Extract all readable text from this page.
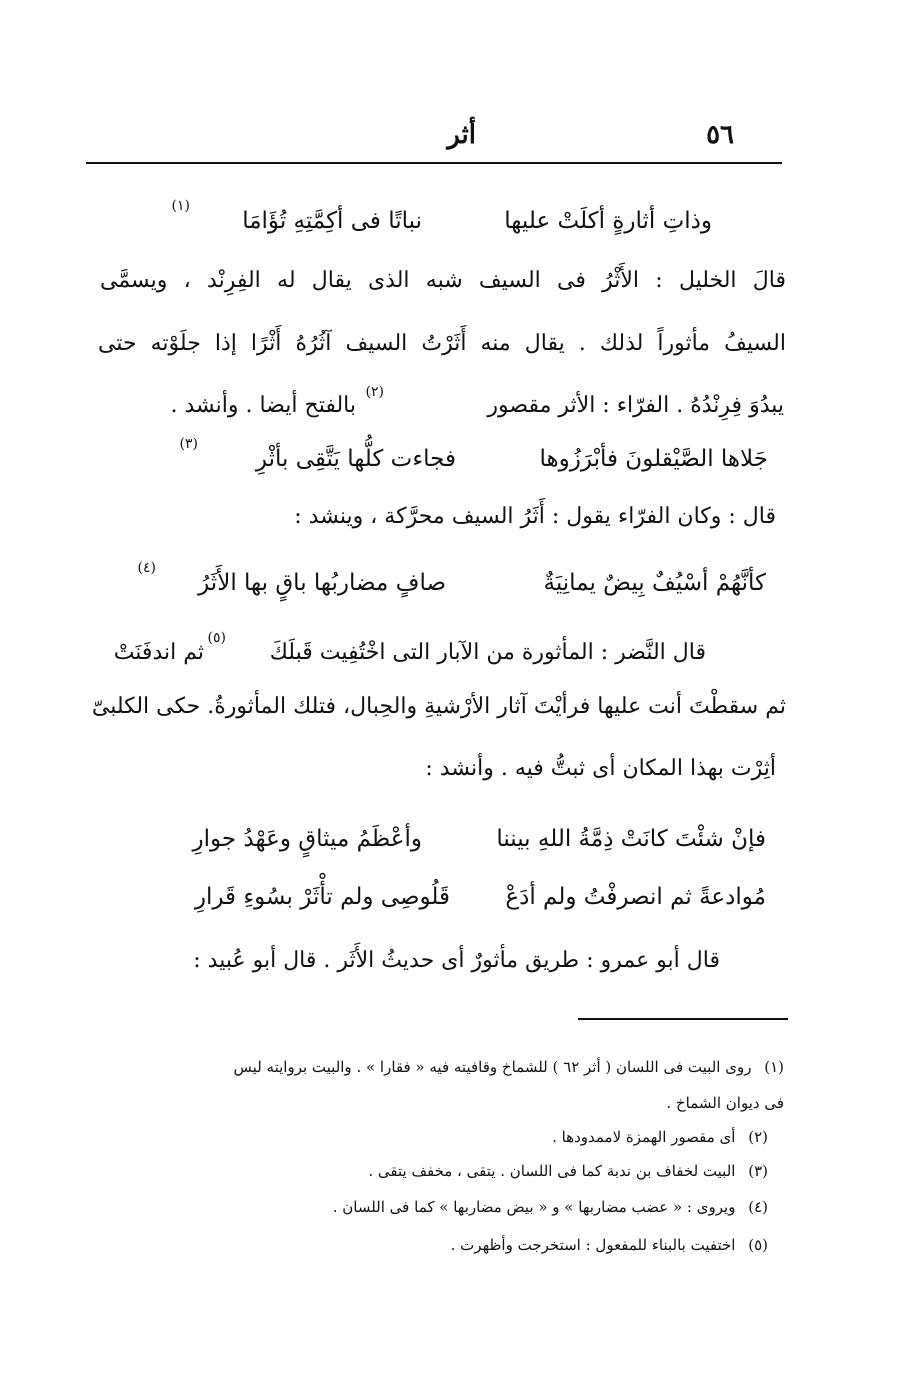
٥٦
أثر
وذاتِ أثارةٍ أكلَتْ عليها
نباتًا فى أكِمَّتِهِ تُؤَامَا
(١)
قالَ الخليل : الأَثْرُ فى السيف شبه الذى يقال له الفِرِنْد ، ويسمَّى
السيفُ مأثوراً لذلك . يقال منه أَثَرْتُ السيف آثُرُهُ أَثْرًا إذا جلَوْته حتى
يبدُوَ فِرِنْدُهُ . الفرّاء : الأثر مقصور
(٢)
بالفتح أيضا . وأنشد .
جَلاها الصَّيْقلونَ فأبْرَزُوها
فجاءت كلُّها يَتَّقِى بأثْرِ
(٣)
قال : وكان الفرّاء يقول : أَثَرُ السيف محرَّكة ، وينشد :
كأنَّهُمْ أسْيُفٌ بِيضٌ يمانِيَةٌ
صافٍ مضاربُها باقٍ بها الأَثَرُ
(٤)
قال النَّضر : المأثورة من الآبار التى اخْتُفِيت قَبلَكَ
(٥)
ثم اندفَنَتْ
ثم سقطْتَ أنت عليها فرأيْتَ آثار الأرْشيةِ والحِبال، فتلك المأثورةُ. حكى الكلبىّ
أثِرْت بهذا المكان أى ثبتُّ فيه . وأنشد :
فإنْ شئْتَ كانَتْ ذِمَّةُ اللهِ بيننا
وأعْظَمُ ميثاقٍ وعَهْدُ جوارِ
مُوادعةً ثم انصرفْتُ ولم أدَعْ
قَلُوصِى ولم تأْثَرْ بسُوءِ قَرارِ
قال أبو عمرو : طريق مأثورٌ أى حديثُ الأَثَر . قال أبو عُبيد :
(١) روى البيت فى اللسان ( أثر ٦٢ ) للشماخ وقافيته فيه « فقارا » . والبيت بروايته ليس
فى ديوان الشماخ .
(٢) أى مقصور الهمزة لاممدودها .
(٣) البيت لخفاف بن ندبة كما فى اللسان . يتقى ، مخفف يتقى .
(٤) ويروى : « عضب مضاربها » و « بيض مضاربها » كما فى اللسان .
(٥) اختفيت بالبناء للمفعول : استخرجت وأظهرت .
